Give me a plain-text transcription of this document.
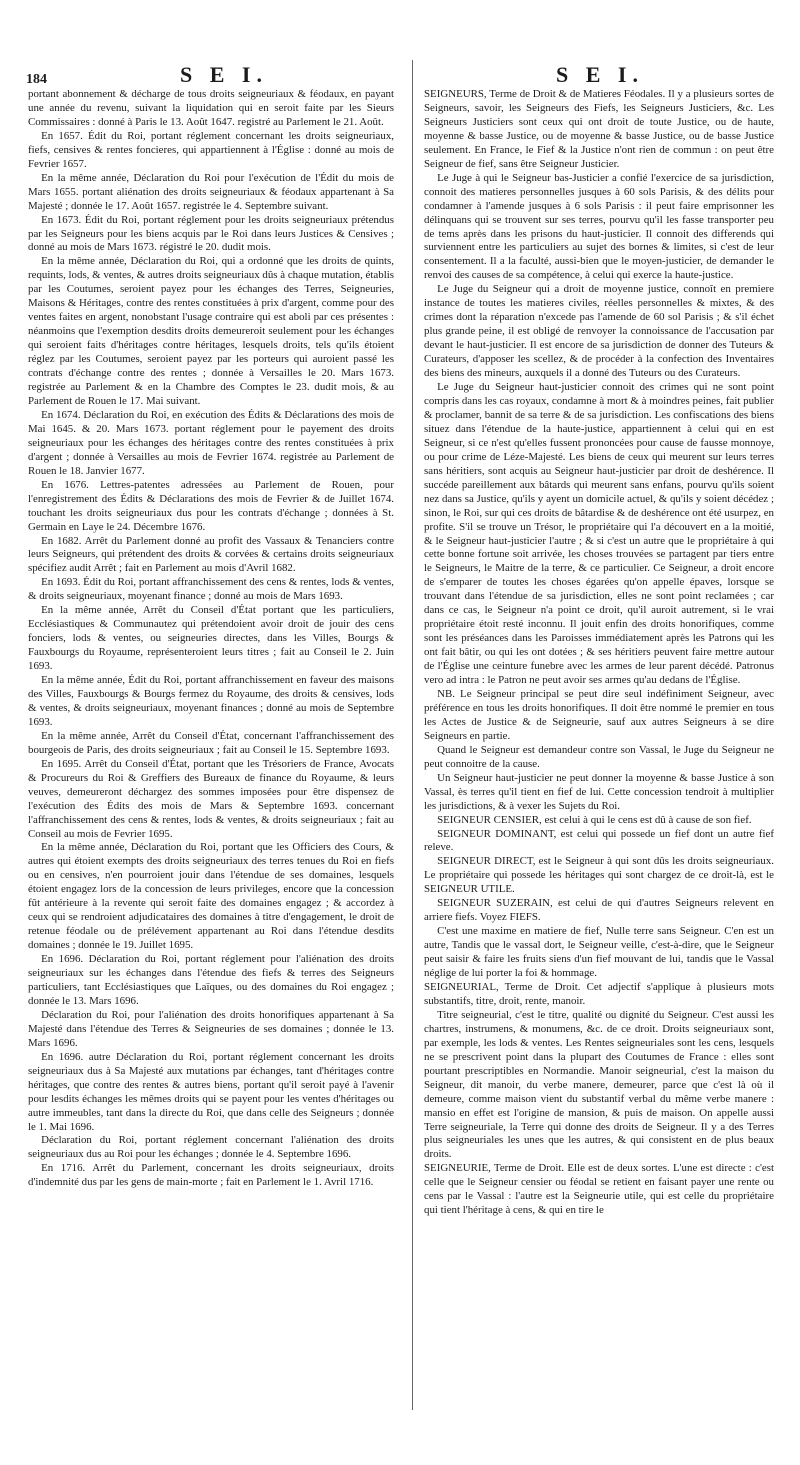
184	S E I.	S E I.

portant abonnement & décharge de tous droits seigneuriaux & féodaux, en payant une année du revenu, suivant la liquidation qui en seroit faite par les Sieurs Commissaires : donné à Paris le 13. Août 1647. registré au Parlement le 21. Août.

En 1657. Édit du Roi, portant réglement concernant les droits seigneuriaux, fiefs, censives & rentes foncieres, qui appartiennent à l'Église : donné au mois de Fevrier 1657.

En la même année, Déclaration du Roi pour l'exécution de l'Édit du mois de Mars 1655. portant aliénation des droits seigneuriaux & féodaux appartenant à Sa Majesté ; donnée le 17. Août 1657. registrée le 4. Septembre suivant.

En 1673. Édit du Roi, portant réglement pour les droits seigneuriaux prétendus par les Seigneurs pour les biens acquis par le Roi dans leurs Justices & Censives ; donné au mois de Mars 1673. régistré le 20. dudit mois.

En la même année, Déclaration du Roi, qui a ordonné que les droits de quints, requints, lods, & ventes, & autres droits seigneuriaux dûs à chaque mutation, établis par les Coutumes, seroient payez pour les échanges des Terres, Seigneuries, Maisons & Héritages, contre des rentes constituées à prix d'argent, comme pour des ventes faites en argent, nonobstant l'usage contraire qui est aboli par ces présentes : néanmoins que l'exemption desdits droits demeureroit seulement pour les échanges qui seroient faits d'héritages contre héritages, lesquels droits, tels qu'ils étoient réglez par les Coutumes, seroient payez par les porteurs qui auroient passé les contrats d'échange contre des rentes ; donnée à Versailles le 20. Mars 1673. registrée au Parlement & en la Chambre des Comptes le 23. dudit mois, & au Parlement de Rouen le 17. Mai suivant.

En 1674. Déclaration du Roi, en exécution des Édits & Déclarations des mois de Mai 1645. & 20. Mars 1673. portant réglement pour le payement des droits seigneuriaux pour les échanges des héritages contre des rentes constituées à prix d'argent ; donnée à Versailles au mois de Fevrier 1674. registrée au Parlement de Rouen le 18. Janvier 1677.

En 1676. Lettres-patentes adressées au Parlement de Rouen, pour l'enregistrement des Édits & Déclarations des mois de Fevrier & de Juillet 1674. touchant les droits seigneuriaux dus pour les contrats d'échange ; données à St. Germain en Laye le 24. Décembre 1676.

En 1682. Arrêt du Parlement donné au profit des Vassaux & Tenanciers contre leurs Seigneurs, qui prétendent des droits & corvées & certains droits seigneuriaux spécifiez audit Arrêt ; fait en Parlement au mois d'Avril 1682.

En 1693. Édit du Roi, portant affranchissement des cens & rentes, lods & ventes, & droits seigneuriaux, moyenant finance ; donné au mois de Mars 1693.

En la même année, Arrêt du Conseil d'État portant que les particuliers, Ecclésiastiques & Communautez qui prétendoient avoir droit de jouir des cens fonciers, lods & ventes, ou seigneuries directes, dans les Villes, Bourgs & Fauxbourgs du Royaume, représenteroient leurs titres ; fait au Conseil le 2. Juin 1693.

En la même année, Édit du Roi, portant affranchissement en faveur des maisons des Villes, Fauxbourgs & Bourgs fermez du Royaume, des droits & censives, lods & ventes, & droits seigneuriaux, moyenant finances ; donné au mois de Septembre 1693.

En la même année, Arrêt du Conseil d'État, concernant l'affranchissement des bourgeois de Paris, des droits seigneuriaux ; fait au Conseil le 15. Septembre 1693.

En 1695. Arrêt du Conseil d'État, portant que les Trésoriers de France, Avocats & Procureurs du Roi & Greffiers des Bureaux de finance du Royaume, & leurs veuves, demeureront déchargez des sommes imposées pour être dispensez de l'exécution des Édits des mois de Mars & Septembre 1693. concernant l'affranchissement des cens & rentes, lods & ventes, & droits seigneuriaux ; fait au Conseil au mois de Fevrier 1695.

En la même année, Déclaration du Roi, portant que les Officiers des Cours, & autres qui étoient exempts des droits seigneuriaux des terres tenues du Roi en fiefs ou en censives, n'en pourroient jouir dans l'étendue de ses domaines, lesquels étoient engagez lors de la concession de leurs privileges, encore que la concession fût antérieure à la revente qui seroit faite des domaines engagez ; & accordez à ceux qui se rendroient adjudicataires des domaines à titre d'engagement, le droit de retenue féodale ou de prélévement appartenant au Roi dans l'étendue desdits domaines ; donnée le 19. Juillet 1695.

En 1696. Déclaration du Roi, portant réglement pour l'aliénation des droits seigneuriaux sur les échanges dans l'étendue des fiefs & terres des Seigneurs particuliers, tant Ecclésiastiques que Laïques, ou des domaines du Roi engagez ; donnée le 13. Mars 1696.

Déclaration du Roi, pour l'aliénation des droits honorifiques appartenant à Sa Majesté dans l'étendue des Terres & Seigneuries de ses domaines ; donnée le 13. Mars 1696.

En 1696. autre Déclaration du Roi, portant réglement concernant les droits seigneuriaux dus à Sa Majesté aux mutations par échanges, tant d'héritages contre héritages, que contre des rentes & autres biens, portant qu'il seroit payé à l'avenir pour lesdits échanges les mêmes droits qui se payent pour les ventes d'héritages ou autre immeubles, tant dans la directe du Roi, que dans celle des Seigneurs ; donnée le 1. Mai 1696.

Déclaration du Roi, portant réglement concernant l'aliénation des droits seigneuriaux dus au Roi pour les échanges ; donnée le 4. Septembre 1696.

En 1716. Arrêt du Parlement, concernant les droits seigneuriaux, droits d'indemnité dus par les gens de main-morte ; fait en Parlement le 1. Avril 1716.

SEIGNEURS, Terme de Droit & de Matieres Féodales. Il y a plusieurs sortes de Seigneurs, savoir, les Seigneurs des Fiefs, les Seigneurs Justiciers, &c. Les Seigneurs Justiciers sont ceux qui ont droit de toute Justice, ou de haute, moyenne & basse Justice, ou de moyenne & basse Justice, ou de basse Justice seulement. En France, le Fief & la Justice n'ont rien de commun : on peut être Seigneur de fief, sans être Seigneur Justicier.

Le Juge à qui le Seigneur bas-Justicier a confié l'exercice de sa jurisdiction, connoit des matieres personnelles jusques à 60 sols Parisis, & des délits pour condamner à l'amende jusques à 6 sols Parisis : il peut faire emprisonner les délinquans qui se trouvent sur ses terres, pourvu qu'il les fasse transporter peu de tems après dans les prisons du haut-justicier. Il connoit des differends qui surviennent entre les particuliers au sujet des bornes & limites, si c'est de leur consentement. Il a la faculté, aussi-bien que le moyen-justicier, de demander le renvoi des causes de sa compétence, à celui qui exerce la haute-justice.

Le Juge du Seigneur qui a droit de moyenne justice, connoît en premiere instance de toutes les matieres civiles, réelles personnelles & mixtes, & des crimes dont la réparation n'excede pas l'amende de 60 sol Parisis ; & s'il échet plus grande peine, il est obligé de renvoyer la connoissance de l'accusation par devant le haut-justicier. Il est encore de sa jurisdiction de donner des Tuteurs & Curateurs, d'apposer les scellez, & de procéder à la confection des Inventaires des biens des mineurs, auxquels il a donné des Tuteurs ou des Curateurs.

Le Juge du Seigneur haut-justicier connoit des crimes qui ne sont point compris dans les cas royaux, condamne à mort & à moindres peines, fait publier & proclamer, bannit de sa terre & de sa jurisdiction. Les confiscations des biens situez dans l'étendue de la haute-justice, appartiennent à celui qui en est Seigneur, si ce n'est qu'elles fussent prononcées pour cause de fausse monnoye, ou pour crime de Léze-Majesté. Les biens de ceux qui meurent sur leurs terres sans héritiers, sont acquis au Seigneur haut-justicier par droit de deshérence. Il succéde pareillement aux bâtards qui meurent sans enfans, pourvu qu'ils soient nez dans sa Justice, qu'ils y ayent un domicile actuel, & qu'ils y soient décédez ; sinon, le Roi, sur qui ces droits de bâtardise & de deshérence ont été usurpez, en profite. S'il se trouve un Trésor, le propriétaire qui l'a découvert en a la moitié, & le Seigneur haut-justicier l'autre ; & si c'est un autre que le propriétaire à qui cette bonne fortune soit arrivée, les choses trouvées se partagent par tiers entre le Seigneurs, le Maitre de la terre, & ce particulier. Ce Seigneur, a droit encore de s'emparer de toutes les choses égarées qu'on appelle épaves, lorsque se trouvant dans l'étendue de sa jurisdiction, elles ne sont point reclamées ; car dans ce cas, le Seigneur n'a point ce droit, qu'il auroit autrement, si le vrai propriétaire étoit resté inconnu. Il jouit enfin des droits honorifiques, comme sont les préséances dans les Paroisses immédiatement après les Patrons qui les ont fait bâtir, ou qui les ont dotées ; & ses héritiers peuvent faire mettre autour de l'Église une ceinture funebre avec les armes de leur parent décédé. Patronus vero ad intra : le Patron ne peut avoir ses armes qu'au dedans de l'Église.

NB. Le Seigneur principal se peut dire seul indéfiniment Seigneur, avec préférence en tous les droits honorifiques. Il doit être nommé le premier en tous les Actes de Justice & de Seigneurie, sauf aux autres Seigneurs à se dire Seigneurs en partie.

Quand le Seigneur est demandeur contre son Vassal, le Juge du Seigneur ne peut connoitre de la cause.

Un Seigneur haut-justicier ne peut donner la moyenne & basse Justice à son Vassal, ès terres qu'il tient en fief de lui. Cette concession tendroit à multiplier les jurisdictions, & à vexer les Sujets du Roi.

SEIGNEUR CENSIER, est celui à qui le cens est dû à cause de son fief.

SEIGNEUR DOMINANT, est celui qui possede un fief dont un autre fief releve.

SEIGNEUR DIRECT, est le Seigneur à qui sont dûs les droits seigneuriaux. Le propriétaire qui possede les héritages qui sont chargez de ce droit-là, est le SEIGNEUR UTILE.

SEIGNEUR SUZERAIN, est celui de qui d'autres Seigneurs relevent en arriere fiefs. Voyez FIEFS.

C'est une maxime en matiere de fief, Nulle terre sans Seigneur. C'en est un autre, Tandis que le vassal dort, le Seigneur veille, c'est-à-dire, que le Seigneur peut saisir & faire les fruits siens d'un fief mouvant de lui, tandis que le Vassal néglige de lui porter la foi & hommage.

SEIGNEURIAL, Terme de Droit. Cet adjectif s'applique à plusieurs mots substantifs, titre, droit, rente, manoir.

Titre seigneurial, c'est le titre, qualité ou dignité du Seigneur. C'est aussi les chartres, instrumens, & monumens, &c. de ce droit. Droits seigneuriaux sont, par exemple, les lods & ventes. Les Rentes seigneuriales sont les cens, lesquels ne se prescrivent point dans la plupart des Coutumes de France : elles sont pourtant prescriptibles en Normandie. Manoir seigneurial, c'est la maison du Seigneur, dit manoir, du verbe manere, demeurer, parce que c'est là où il demeure, comme maison vient du substantif verbal du même verbe manere : mansio en effet est l'origine de mansion, & puis de maison. On appelle aussi Terre seigneuriale, la Terre qui donne des droits de Seigneur. Il y a des Terres plus seigneuriales les unes que les autres, & qui consistent en de plus beaux droits.

SEIGNEURIE, Terme de Droit. Elle est de deux sortes. L'une est directe : c'est celle que le Seigneur censier ou féodal se retient en faisant payer une rente ou cens par le Vassal : l'autre est la Seigneurie utile, qui est celle du propriétaire qui tient l'héritage à cens, & qui en tire le
